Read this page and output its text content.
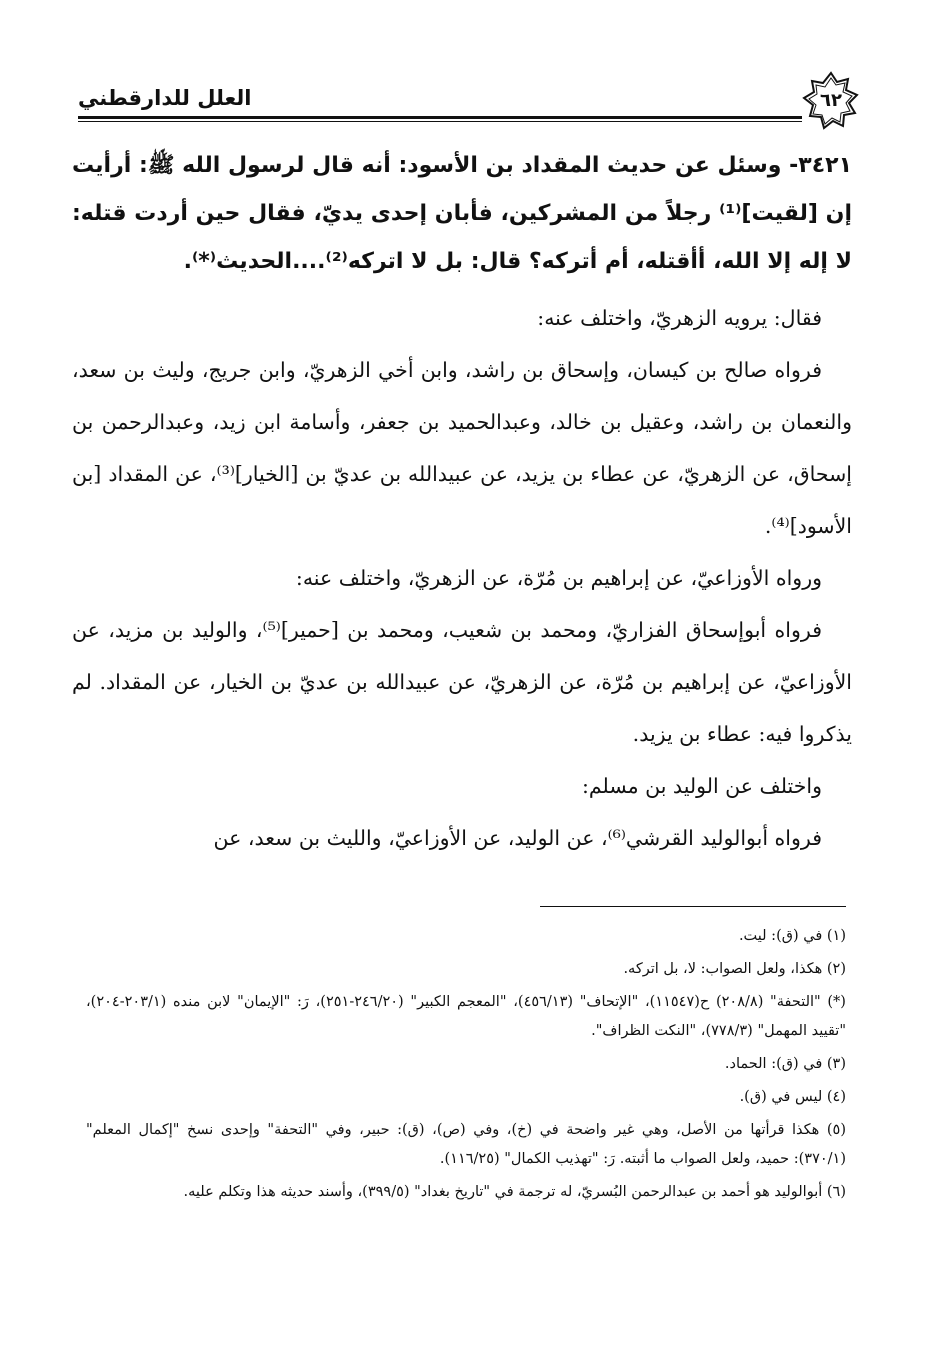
العلل للدارقطني	٦٢

٣٤٢١- وسئل عن حديث المقداد بن الأسود: أنه قال لرسول الله ﷺ: أرأيت إن [لقيت]⁽¹⁾ رجلاً من المشركين، فأبان إحدى يديّ، فقال حين أردت قتله: لا إله إلا الله، أأقتله، أم أتركه؟ قال: بل لا اتركه⁽²⁾....الحديث⁽*⁾.

فقال: يرويه الزهريّ، واختلف عنه:

فرواه صالح بن كيسان، وإسحاق بن راشد، وابن أخي الزهريّ، وابن جريج، وليث بن سعد، والنعمان بن راشد، وعقيل بن خالد، وعبدالحميد بن جعفر، وأسامة ابن زيد، وعبدالرحمن بن إسحاق، عن الزهريّ، عن عطاء بن يزيد، عن عبيدالله بن عديّ بن [الخيار]⁽³⁾، عن المقداد [بن الأسود]⁽⁴⁾.

ورواه الأوزاعيّ، عن إبراهيم بن مُرّة، عن الزهريّ، واختلف عنه:

فرواه أبوإسحاق الفزاريّ، ومحمد بن شعيب، ومحمد بن [حمير]⁽⁵⁾، والوليد بن مزيد، عن الأوزاعيّ، عن إبراهيم بن مُرّة، عن الزهريّ، عن عبيدالله بن عديّ بن الخيار، عن المقداد. لم يذكروا فيه: عطاء بن يزيد.

واختلف عن الوليد بن مسلم:

فرواه أبوالوليد القرشي⁽⁶⁾، عن الوليد، عن الأوزاعيّ، والليث بن سعد، عن

(١) في (ق): ليت.

(٢) هكذا، ولعل الصواب: لا، بل اتركه.

(*) "التحفة" (٢٠٨/٨) ح(١١٥٤٧)، "الإتحاف" (٤٥٦/١٣)، "المعجم الكبير" (٢٤٦/٢٠-٢٥١)، رَ: "الإيمان" لابن منده (٢٠٣/١-٢٠٤)، "تقييد المهمل" (٧٧٨/٣)، "النكت الظراف".

(٣) في (ق): الحماد.

(٤) ليس في (ق).

(٥) هكذا قرأتها من الأصل، وهي غير واضحة في (خ)، وفي (ص)، (ق): حبير، وفي "التحفة" وإحدى نسخ "إكمال المعلم" (٣٧٠/١): حميد، ولعل الصواب ما أثبته. رَ: "تهذيب الكمال" (١١٦/٢٥).

(٦) أبوالوليد هو أحمد بن عبدالرحمن البُسريّ، له ترجمة في "تاريخ بغداد" (٣٩٩/٥)، وأسند حديثه هذا وتكلم عليه.
